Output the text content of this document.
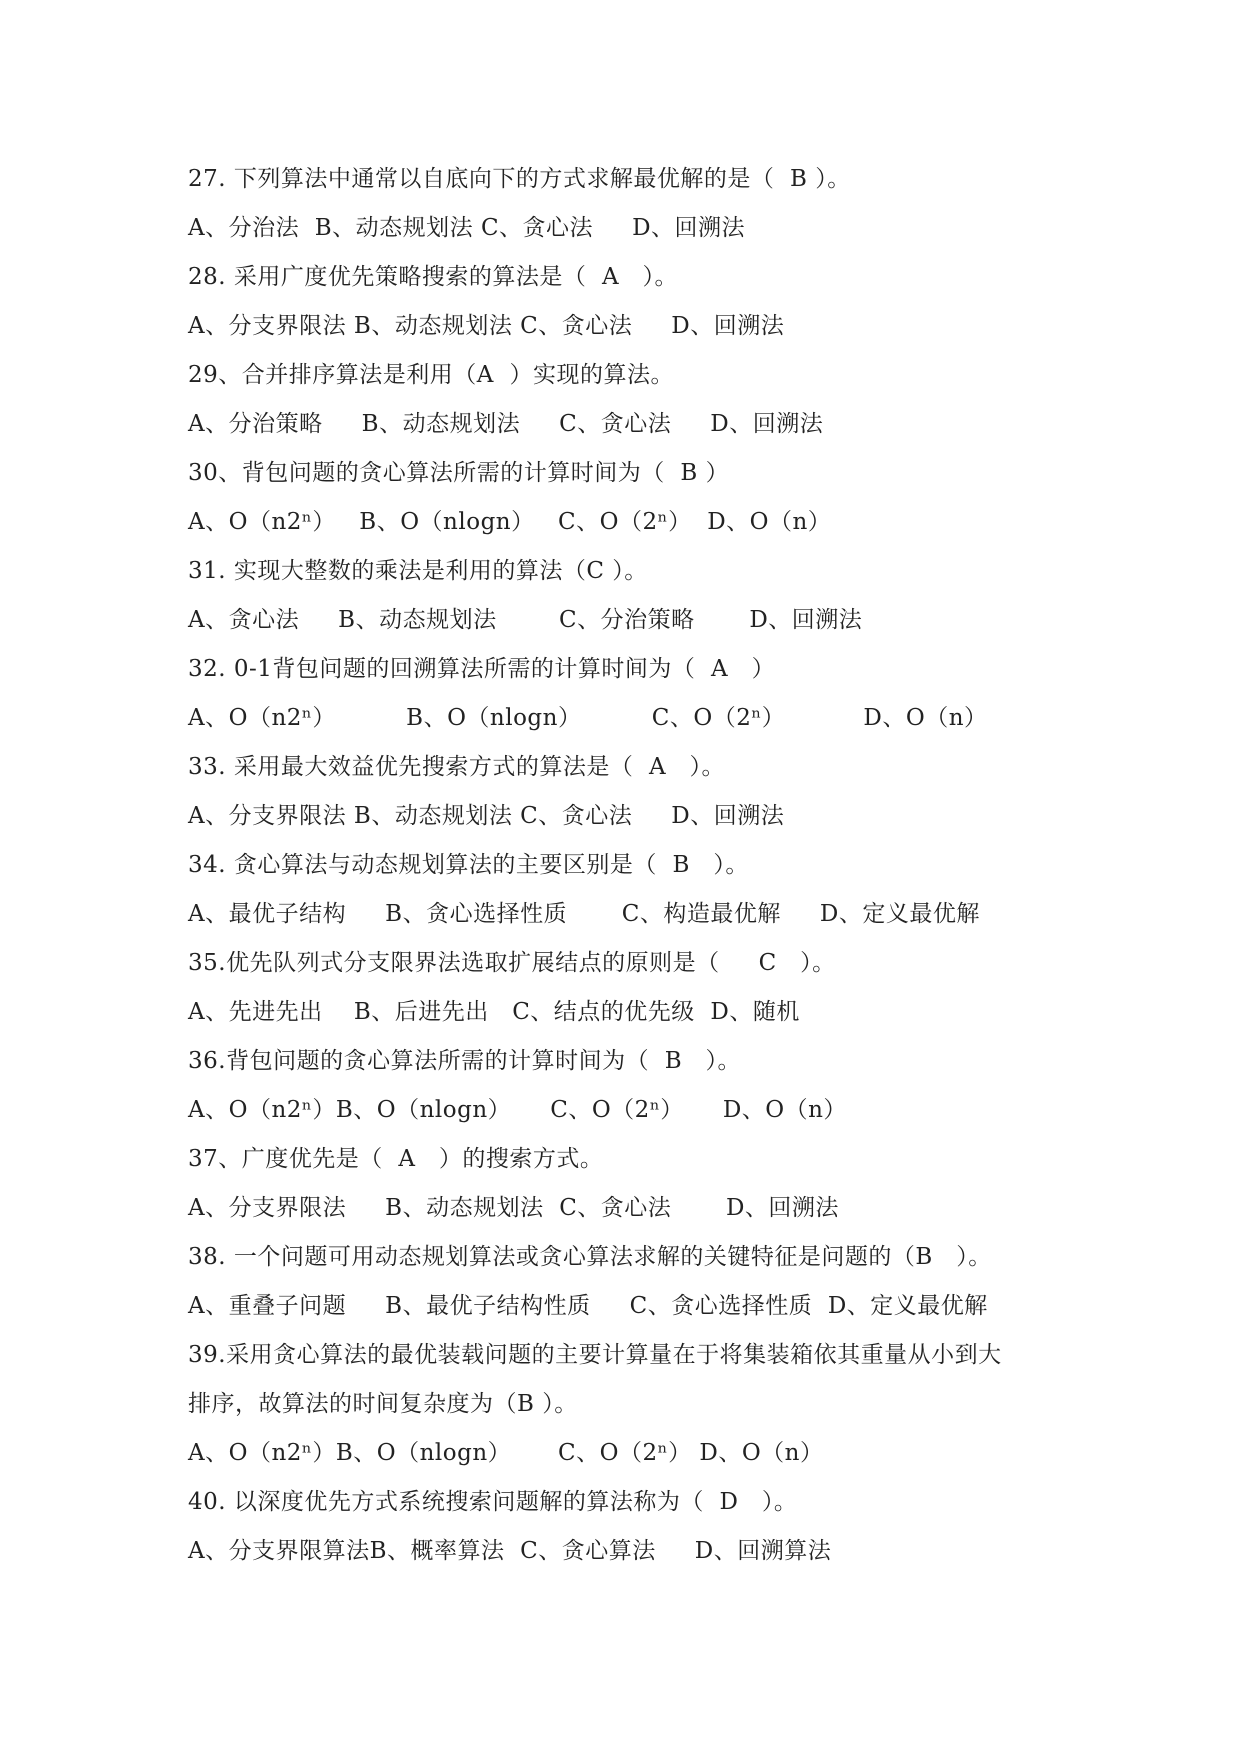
27. 下列算法中通常以自底向下的方式求解最优解的是（  B ）。
A、分治法  B、动态规划法 C、贪心法     D、回溯法
28. 采用广度优先策略搜索的算法是（  A   ）。
A、分支界限法 B、动态规划法 C、贪心法     D、回溯法
29、合并排序算法是利用（A  ）实现的算法。
A、分治策略     B、动态规划法     C、贪心法     D、回溯法
30、背包问题的贪心算法所需的计算时间为（  B ）
A、O（n2ⁿ）   B、O（nlogn）   C、O（2ⁿ）  D、O（n）
31. 实现大整数的乘法是利用的算法（C ）。
A、贪心法     B、动态规划法        C、分治策略       D、回溯法
32. 0-1背包问题的回溯算法所需的计算时间为（  A   ）
A、O（n2ⁿ）         B、O（nlogn）         C、O（2ⁿ）          D、O（n）
33. 采用最大效益优先搜索方式的算法是（  A   ）。
A、分支界限法 B、动态规划法 C、贪心法     D、回溯法
34. 贪心算法与动态规划算法的主要区别是（  B   ）。
A、最优子结构     B、贪心选择性质       C、构造最优解     D、定义最优解
35.优先队列式分支限界法选取扩展结点的原则是（     C   ）。
A、先进先出    B、后进先出   C、结点的优先级  D、随机
36.背包问题的贪心算法所需的计算时间为（  B   ）。
A、O（n2ⁿ）B、O（nlogn）     C、O（2ⁿ）     D、O（n）
37、广度优先是（  A   ）的搜索方式。
A、分支界限法     B、动态规划法  C、贪心法       D、回溯法
38. 一个问题可用动态规划算法或贪心算法求解的关键特征是问题的（B   ）。
A、重叠子问题     B、最优子结构性质     C、贪心选择性质  D、定义最优解
39.采用贪心算法的最优装载问题的主要计算量在于将集装箱依其重量从小到大
排序，故算法的时间复杂度为（B ）。
A、O（n2ⁿ）B、O（nlogn）      C、O（2ⁿ） D、O（n）
40. 以深度优先方式系统搜索问题解的算法称为（  D   ）。
A、分支界限算法B、概率算法  C、贪心算法     D、回溯算法
